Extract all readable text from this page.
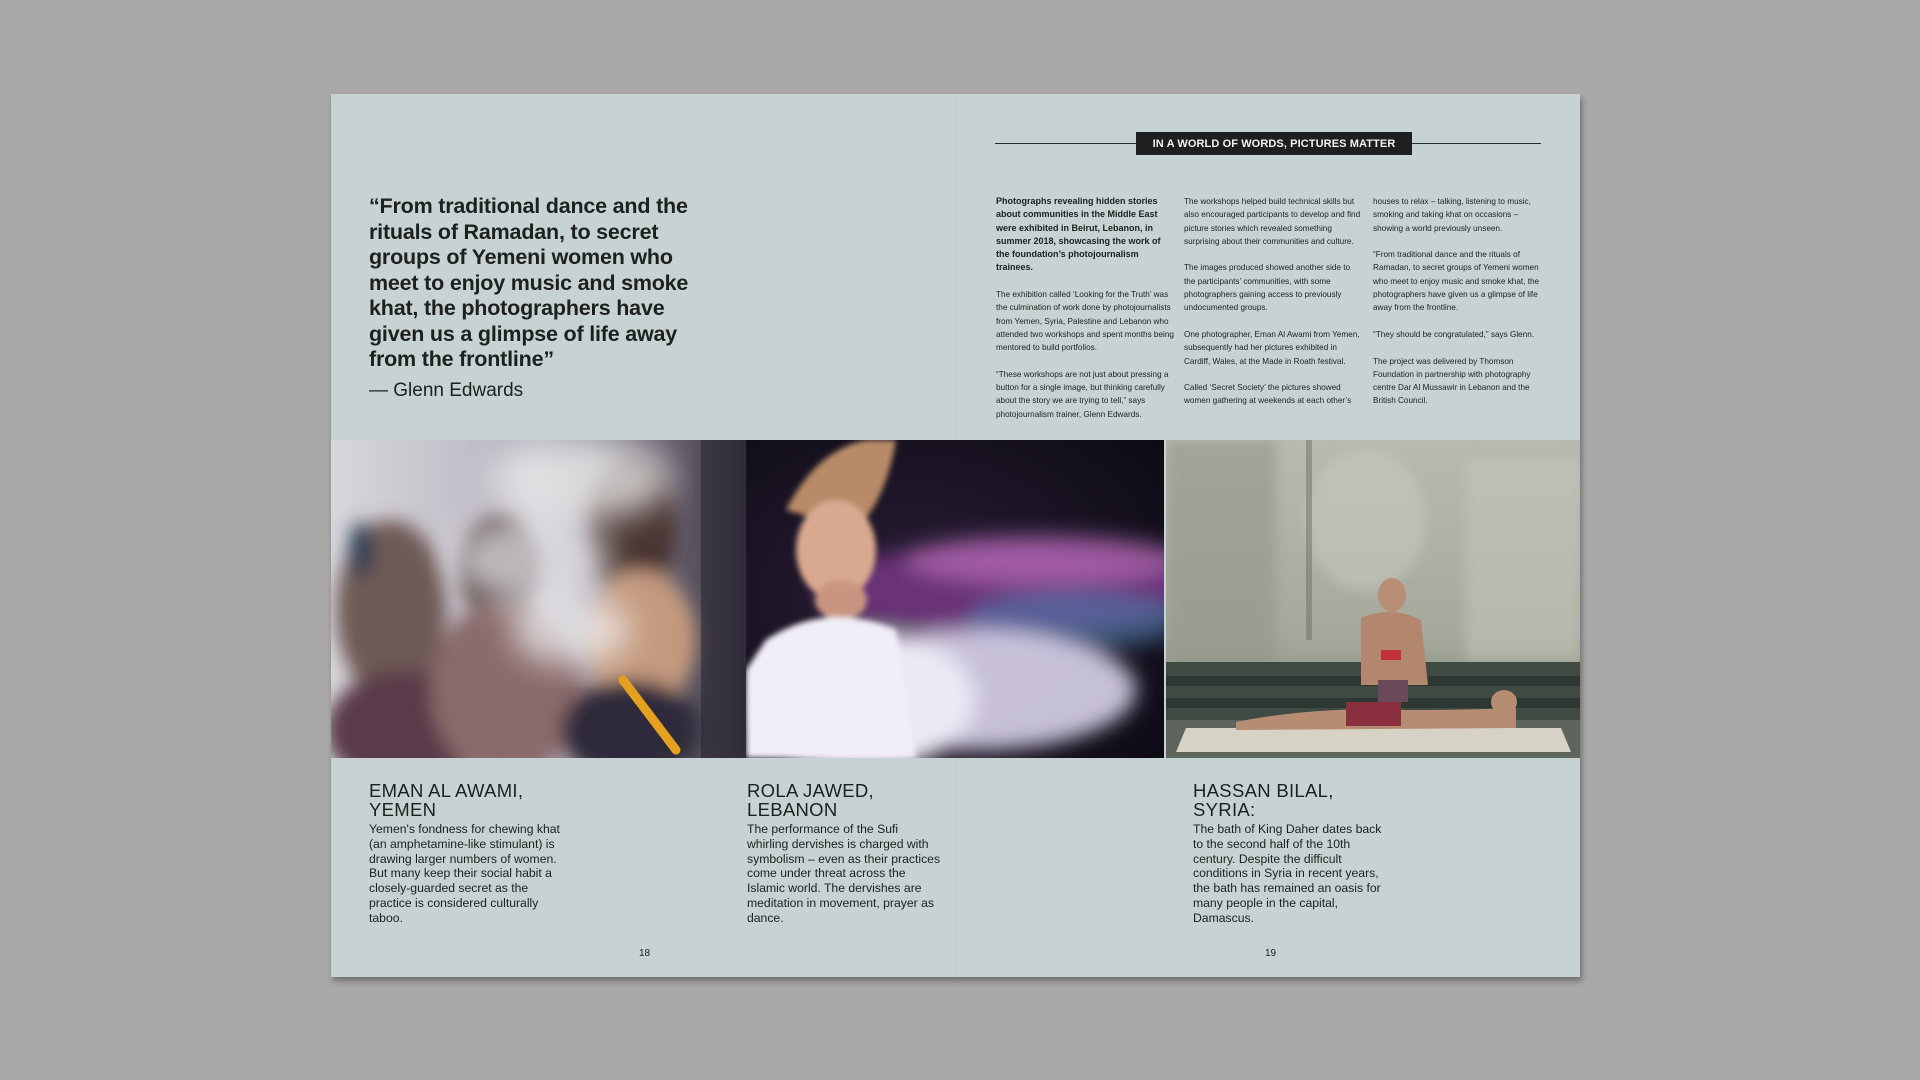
“From traditional dance and the rituals of Ramadan, to secret groups of Yemeni women who meet to enjoy music and smoke khat, the photographers have given us a glimpse of life away from the frontline”
— Glenn Edwards
IN A WORLD OF WORDS, PICTURES MATTER

Photographs revealing hidden stories about communities in the Middle East were exhibited in Beirut, Lebanon, in summer 2018, showcasing the work of the foundation’s photojournalism trainees.

The exhibition called ‘Looking for the Truth’ was the culmination of work done by photojournalists from Yemen, Syria, Palestine and Lebanon who attended two workshops and spent months being mentored to build portfolios.

“These workshops are not just about pressing a button for a single image, but thinking carefully about the story we are trying to tell,” says photojournalism trainer, Glenn Edwards.

The workshops helped build technical skills but also encouraged participants to develop and find picture stories which revealed something surprising about their communities and culture.

The images produced showed another side to the participants’ communities, with some photographers gaining access to previously undocumented groups.

One photographer, Eman Al Awami from Yemen, subsequently had her pictures exhibited in Cardiff, Wales, at the Made in Roath festival.

Called ‘Secret Society’ the pictures showed women gathering at weekends at each other’s

houses to relax – talking, listening to music, smoking and taking khat on occasions – showing a world previously unseen.

“From traditional dance and the rituals of Ramadan, to secret groups of Yemeni women who meet to enjoy music and smoke khat, the photographers have given us a glimpse of life away from the frontline.

“They should be congratulated,” says Glenn.

The project was delivered by Thomson Foundation in partnership with photography centre Dar Al Mussawir in Lebanon and the British Council.

EMAN AL AWAMI, YEMEN
Yemen's fondness for chewing khat (an amphetamine-like stimulant) is drawing larger numbers of women. But many keep their social habit a closely-guarded secret as the practice is considered culturally taboo.
ROLA JAWED, LEBANON
The performance of the Sufi whirling dervishes is charged with symbolism – even as their practices come under threat across the Islamic world. The dervishes are meditation in movement, prayer as dance.
HASSAN BILAL, SYRIA:
The bath of King Daher dates back to the second half of the 10th century. Despite the difficult conditions in Syria in recent years, the bath has remained an oasis for many people in the capital, Damascus.
18	19
